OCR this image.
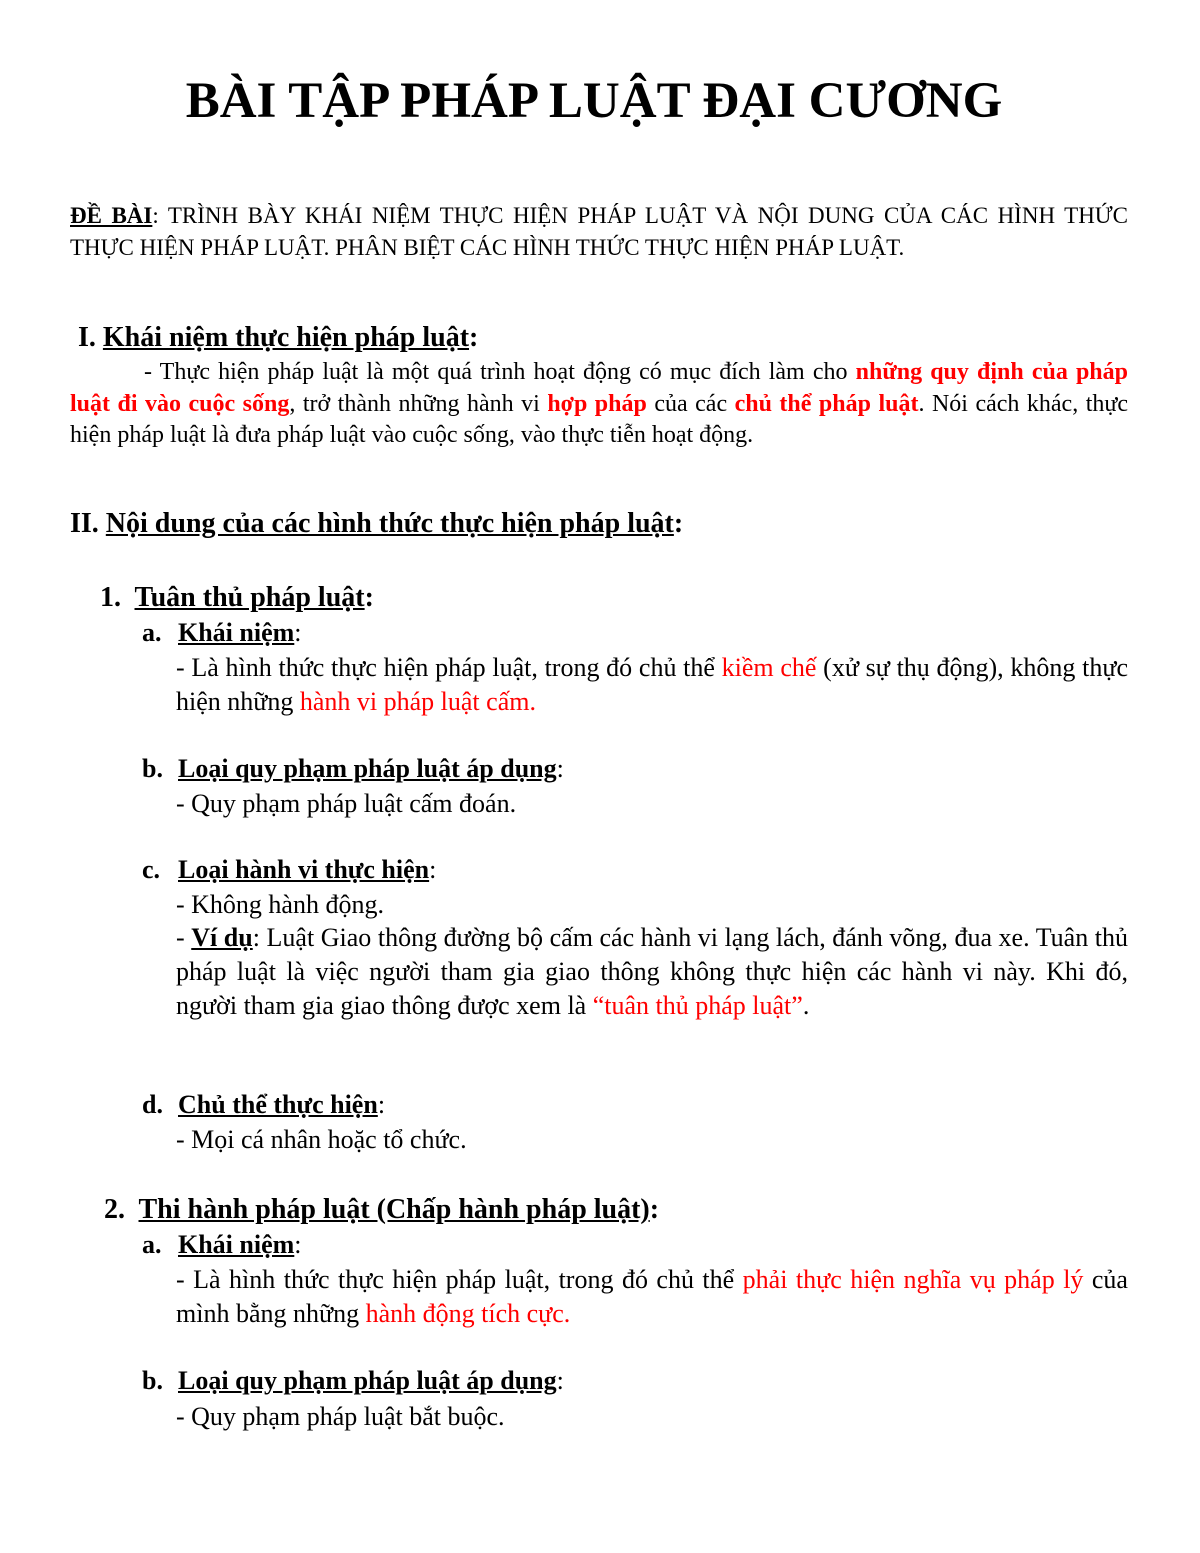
BÀI TẬP PHÁP LUẬT ĐẠI CƯƠNG

ĐỀ BÀI: TRÌNH BÀY KHÁI NIỆM THỰC HIỆN PHÁP LUẬT VÀ NỘI DUNG CỦA CÁC HÌNH THỨC THỰC HIỆN PHÁP LUẬT. PHÂN BIỆT CÁC HÌNH THỨC THỰC HIỆN PHÁP LUẬT.

I. Khái niệm thực hiện pháp luật:

- Thực hiện pháp luật là một quá trình hoạt động có mục đích làm cho những quy định của pháp luật đi vào cuộc sống, trở thành những hành vi hợp pháp của các chủ thể pháp luật. Nói cách khác, thực hiện pháp luật là đưa pháp luật vào cuộc sống, vào thực tiễn hoạt động.

II. Nội dung của các hình thức thực hiện pháp luật:
1. Tuân thủ pháp luật:

a. Khái niệm:

- Là hình thức thực hiện pháp luật, trong đó chủ thể kiềm chế (xử sự thụ động), không thực hiện những hành vi pháp luật cấm.

b. Loại quy phạm pháp luật áp dụng:

- Quy phạm pháp luật cấm đoán.

c. Loại hành vi thực hiện:

- Không hành động.

- Ví dụ: Luật Giao thông đường bộ cấm các hành vi lạng lách, đánh võng, đua xe. Tuân thủ pháp luật là việc người tham gia giao thông không thực hiện các hành vi này. Khi đó, người tham gia giao thông được xem là “tuân thủ pháp luật”.

d. Chủ thể thực hiện:

- Mọi cá nhân hoặc tổ chức.

2. Thi hành pháp luật (Chấp hành pháp luật):

a. Khái niệm:

- Là hình thức thực hiện pháp luật, trong đó chủ thể phải thực hiện nghĩa vụ pháp lý của mình bằng những hành động tích cực.

b. Loại quy phạm pháp luật áp dụng:

- Quy phạm pháp luật bắt buộc.
